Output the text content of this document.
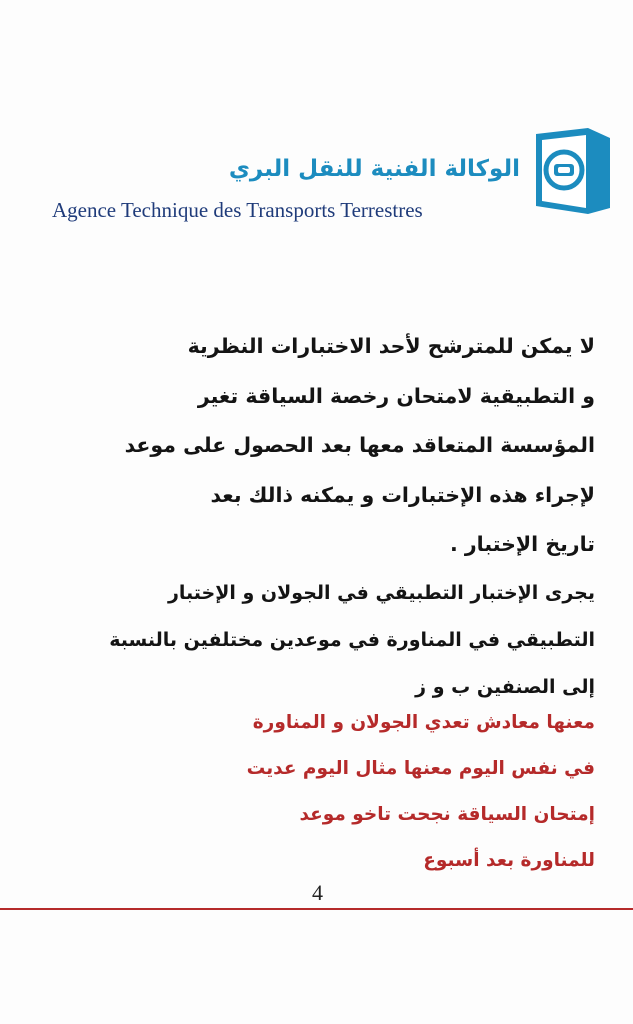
الوكالة الفنية للنقل البري
Agence Technique des Transports Terrestres
لا يمكن للمترشح لأحد الاختبارات النظرية
و التطبيقية لامتحان رخصة السياقة تغير
المؤسسة المتعاقد معها بعد الحصول على موعد
لإجراء هذه الإختبارات و يمكنه ذالك بعد
تاريخ الإختبار .
يجرى الإختبار التطبيقي في الجولان و الإختبار
التطبيقي في المناورة في موعدين مختلفين بالنسبة
إلى الصنفين ب و ز
معنها معادش تعدي الجولان و المناورة
في نفس اليوم معنها مثال اليوم عديت
إمتحان السياقة نجحت تاخو موعد
للمناورة بعد أسبوع
4
